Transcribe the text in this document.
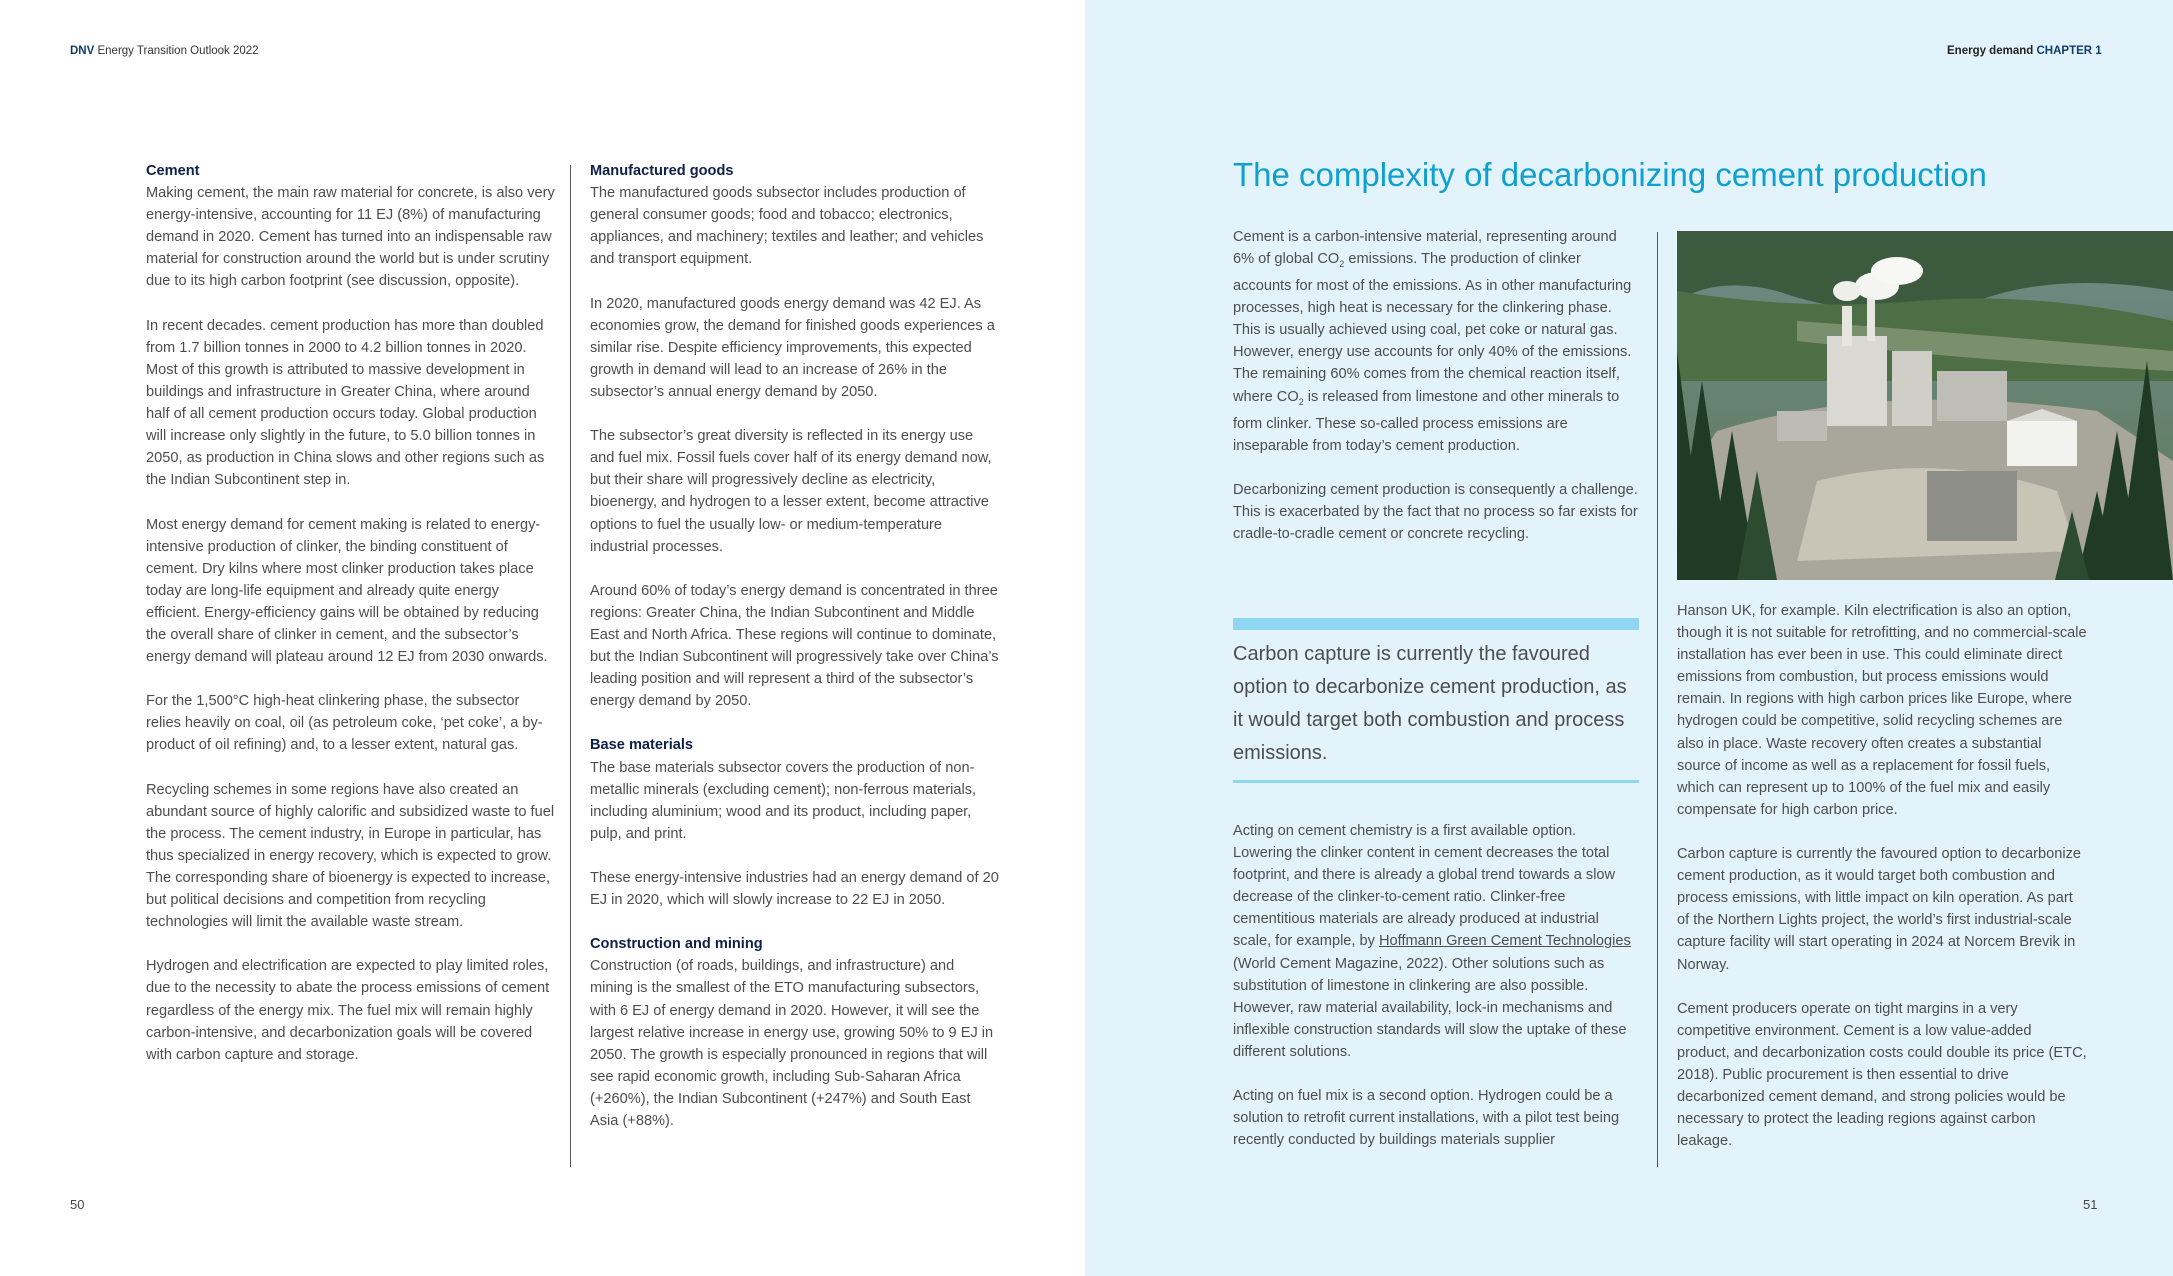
DNV Energy Transition Outlook 2022	Energy demand CHAPTER 1
Cement

Making cement, the main raw material for concrete, is also very energy-intensive, accounting for 11 EJ (8%) of manufacturing demand in 2020. Cement has turned into an indispensable raw material for construction around the world but is under scrutiny due to its high carbon footprint (see discussion, opposite).

In recent decades. cement production has more than doubled from 1.7 billion tonnes in 2000 to 4.2 billion tonnes in 2020. Most of this growth is attributed to massive development in buildings and infrastructure in Greater China, where around half of all cement production occurs today. Global production will increase only slightly in the future, to 5.0 billion tonnes in 2050, as production in China slows and other regions such as the Indian Subcontinent step in.

Most energy demand for cement making is related to energy-intensive production of clinker, the binding constituent of cement. Dry kilns where most clinker production takes place today are long-life equipment and already quite energy efficient. Energy-efficiency gains will be obtained by reducing the overall share of clinker in cement, and the subsector’s energy demand will plateau around 12 EJ from 2030 onwards.

For the 1,500°C high-heat clinkering phase, the subsector relies heavily on coal, oil (as petroleum coke, ‘pet coke’, a by-product of oil refining) and, to a lesser extent, natural gas.

Recycling schemes in some regions have also created an abundant source of highly calorific and subsidized waste to fuel the process. The cement industry, in Europe in particular, has thus specialized in energy recovery, which is expected to grow. The corresponding share of bioenergy is expected to increase, but political decisions and competition from recycling technologies will limit the available waste stream.

Hydrogen and electrification are expected to play limited roles, due to the necessity to abate the process emissions of cement regardless of the energy mix. The fuel mix will remain highly carbon-intensive, and decarbonization goals will be covered with carbon capture and storage.

Manufactured goods

The manufactured goods subsector includes production of general consumer goods; food and tobacco; electronics, appliances, and machinery; textiles and leather; and vehicles and transport equipment.

In 2020, manufactured goods energy demand was 42 EJ. As economies grow, the demand for finished goods experiences a similar rise. Despite efficiency improvements, this expected growth in demand will lead to an increase of 26% in the subsector’s annual energy demand by 2050.

The subsector’s great diversity is reflected in its energy use and fuel mix. Fossil fuels cover half of its energy demand now, but their share will progressively decline as electricity, bioenergy, and hydrogen to a lesser extent, become attractive options to fuel the usually low- or medium-temperature industrial processes.

Around 60% of today’s energy demand is concentrated in three regions: Greater China, the Indian Subcontinent and Middle East and North Africa. These regions will continue to dominate, but the Indian Subcontinent will progressively take over China’s leading position and will represent a third of the subsector’s energy demand by 2050.

Base materials

The base materials subsector covers the production of non-metallic minerals (excluding cement); non-ferrous materials, including aluminium; wood and its product, including paper, pulp, and print.

These energy-intensive industries had an energy demand of 20 EJ in 2020, which will slowly increase to 22 EJ in 2050.

Construction and mining

Construction (of roads, buildings, and infrastructure) and mining is the smallest of the ETO manufacturing subsectors, with 6 EJ of energy demand in 2020. However, it will see the largest relative increase in energy use, growing 50% to 9 EJ in 2050. The growth is especially pronounced in regions that will see rapid economic growth, including Sub-Saharan Africa (+260%), the Indian Subcontinent (+247%) and South East Asia (+88%).

The complexity of decarbonizing cement production

Cement is a carbon-intensive material, representing around 6% of global $CO_2$ emissions. The production of clinker accounts for most of the emissions. As in other manufacturing processes, high heat is necessary for the clinkering phase. This is usually achieved using coal, pet coke or natural gas. However, energy use accounts for only 40% of the emissions. The remaining 60% comes from the chemical reaction itself, where $CO_2$ is released from limestone and other minerals to form clinker. These so-called process emissions are inseparable from today’s cement production.

Decarbonizing cement production is consequently a challenge. This is exacerbated by the fact that no process so far exists for cradle-to-cradle cement or concrete recycling.

Carbon capture is currently the favoured option to decarbonize cement production, as it would target both combustion and process emissions.

Acting on cement chemistry is a first available option. Lowering the clinker content in cement decreases the total footprint, and there is already a global trend towards a slow decrease of the clinker-to-cement ratio. Clinker-free cementitious materials are already produced at industrial scale, for example, by Hoffmann Green Cement Technologies (World Cement Magazine, 2022). Other solutions such as substitution of limestone in clinkering are also possible. However, raw material availability, lock-in mechanisms and inflexible construction standards will slow the uptake of these different solutions.

Acting on fuel mix is a second option. Hydrogen could be a solution to retrofit current installations, with a pilot test being recently conducted by buildings materials supplier

Hanson UK, for example. Kiln electrification is also an option, though it is not suitable for retrofitting, and no commercial-scale installation has ever been in use. This could eliminate direct emissions from combustion, but process emissions would remain. In regions with high carbon prices like Europe, where hydrogen could be competitive, solid recycling schemes are also in place. Waste recovery often creates a substantial source of income as well as a replacement for fossil fuels, which can represent up to 100% of the fuel mix and easily compensate for high carbon price.

Carbon capture is currently the favoured option to decarbonize cement production, as it would target both combustion and process emissions, with little impact on kiln operation. As part of the Northern Lights project, the world’s first industrial-scale capture facility will start operating in 2024 at Norcem Brevik in Norway.

Cement producers operate on tight margins in a very competitive environment. Cement is a low value-added product, and decarbonization costs could double its price (ETC, 2018). Public procurement is then essential to drive decarbonized cement demand, and strong policies would be necessary to protect the leading regions against carbon leakage.

50	51
